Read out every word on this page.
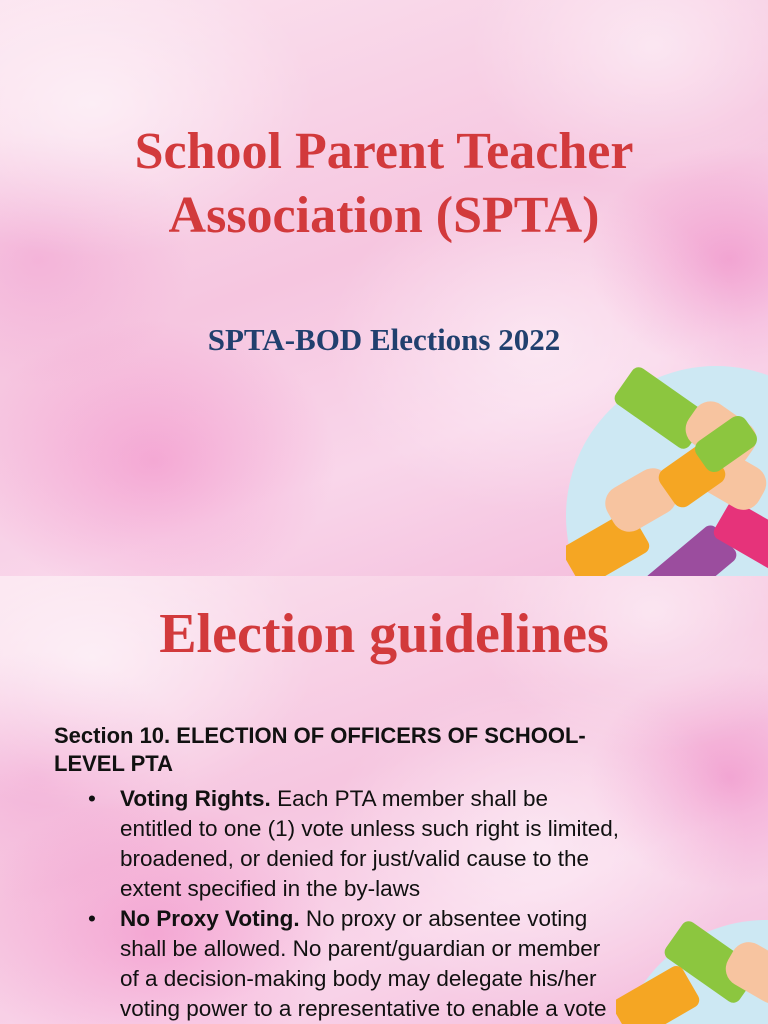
School Parent Teacher
Association (SPTA)

SPTA-BOD Elections 2022

Election guidelines
Section 10. ELECTION OF OFFICERS OF SCHOOL-
LEVEL PTA
• Voting Rights. Each PTA member shall be
entitled to one (1) vote unless such right is limited,
broadened, or denied for just/valid cause to the
extent specified in the by-laws
• No Proxy Voting. No proxy or absentee voting
shall be allowed. No parent/guardian or member
of a decision-making body may delegate his/her
voting power to a representative to enable a vote
